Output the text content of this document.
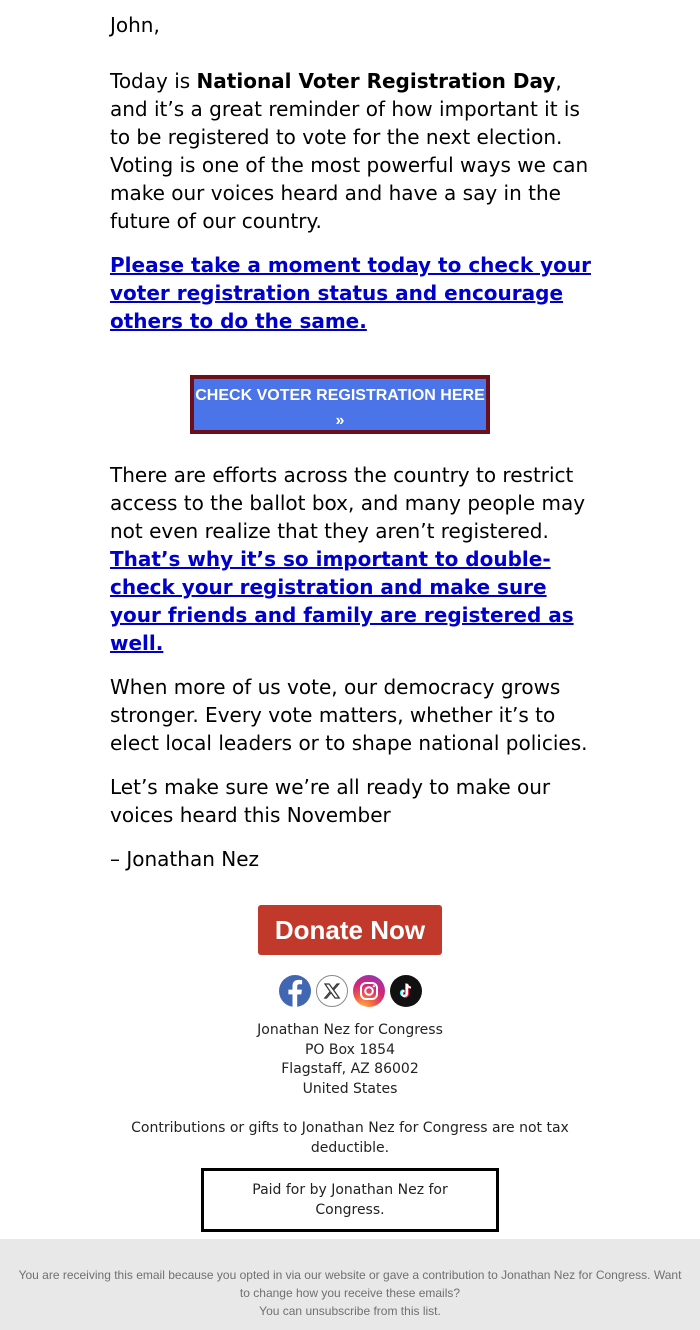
John,

Today is National Voter Registration Day, and it’s a great reminder of how important it is to be registered to vote for the next election. Voting is one of the most powerful ways we can make our voices heard and have a say in the future of our country.

Please take a moment today to check your voter registration status and encourage others to do the same.
CHECK VOTER REGISTRATION HERE »

There are efforts across the country to restrict access to the ballot box, and many people may not even realize that they aren’t registered. That’s why it’s so important to double-check your registration and make sure your friends and family are registered as well.

When more of us vote, our democracy grows stronger. Every vote matters, whether it’s to elect local leaders or to shape national policies.

Let’s make sure we’re all ready to make our voices heard this November

– Jonathan Nez

Donate Now
Jonathan Nez for Congress
PO Box 1854
Flagstaff, AZ 86002
United States
Contributions or gifts to Jonathan Nez for Congress are not tax deductible.
Paid for by Jonathan Nez for Congress.
You are receiving this email because you opted in via our website or gave a contribution to Jonathan Nez for Congress. Want to change how you receive these emails?
You can unsubscribe from this list.
